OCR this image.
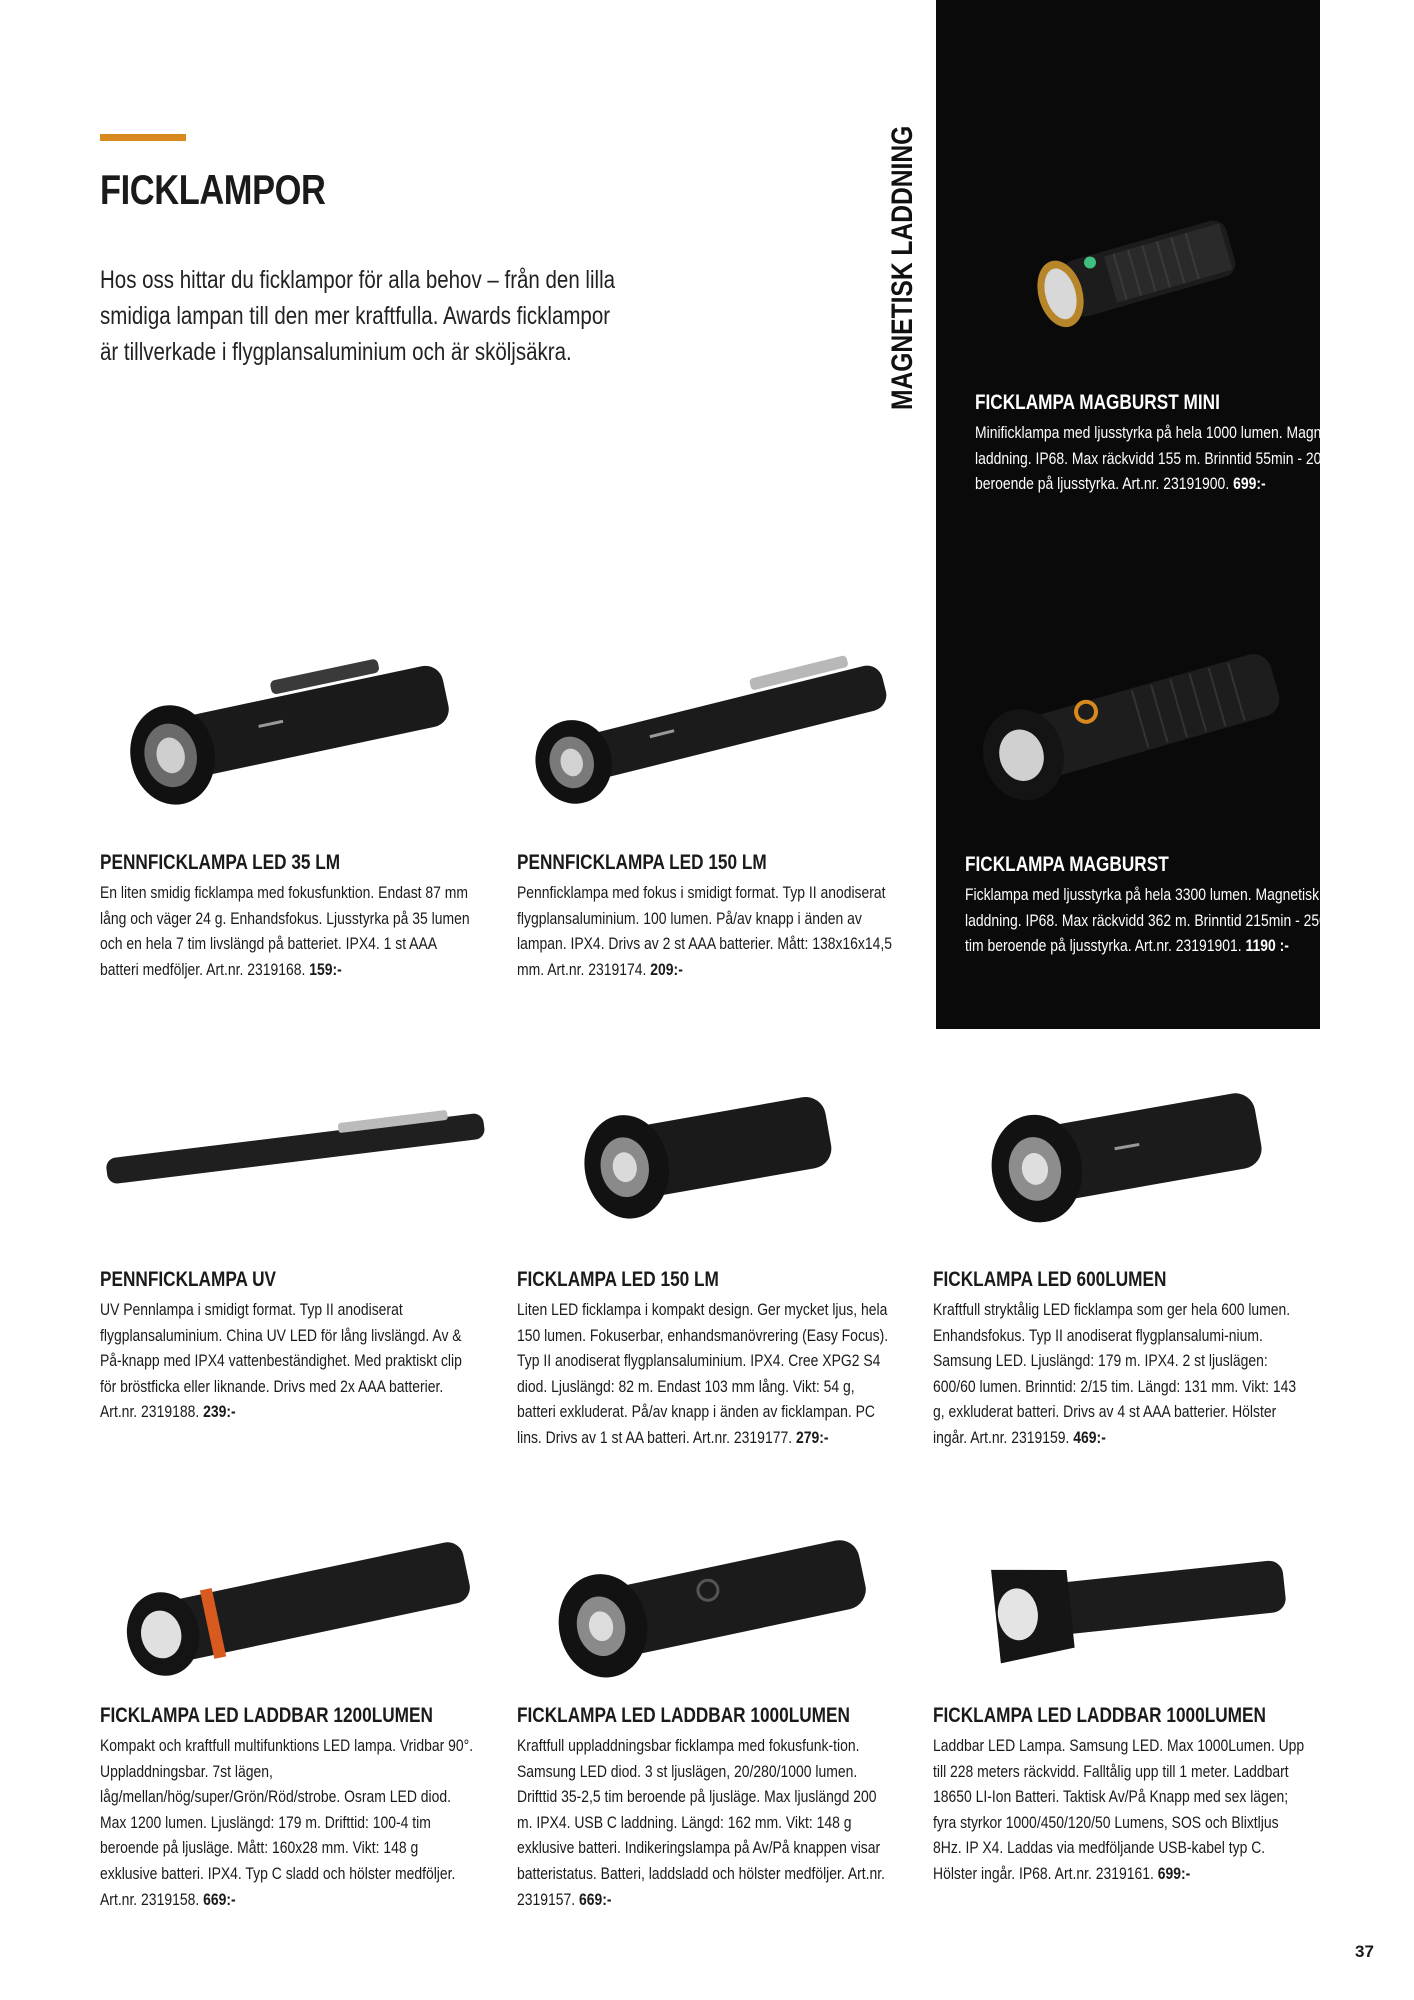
FICKLAMPOR

Hos oss hittar du ficklampor för alla behov – från den lilla smidiga lampan till den mer kraftfulla. Awards ficklampor är tillverkade i flygplansaluminium och är sköljsäkra.	MAGNETISK LADDNING	FICKLAMPA MAGBURST MINI

Minificklampa med ljusstyrka på hela 1000 lumen. Magnetisk laddning. IP68. Max räckvidd 155 m. Brinntid 55min - 200 tim beroende på ljusstyrka. Art.nr. 23191900. 699:-

PENNFICKLAMPA LED 35 LM

En liten smidig ficklampa med fokusfunktion. Endast 87 mm lång och väger 24 g. Enhandsfokus. Ljusstyrka på 35 lumen och en hela 7 tim livslängd på batteriet. IPX4. 1 st AAA batteri medföljer. Art.nr. 2319168. 159:-

PENNFICKLAMPA LED 150 LM

Pennficklampa med fokus i smidigt format. Typ II anodiserat flygplansaluminium. 100 lumen. På/av knapp i änden av lampan. IPX4. Drivs av 2 st AAA batterier. Mått: 138x16x14,5 mm. Art.nr. 2319174. 209:-

FICKLAMPA MAGBURST

Ficklampa med ljusstyrka på hela 3300 lumen. Magnetisk laddning. IP68. Max räckvidd 362 m. Brinntid 215min - 250 tim beroende på ljusstyrka. Art.nr. 23191901. 1190 :-

PENNFICKLAMPA UV

UV Pennlampa i smidigt format. Typ II anodiserat flygplansaluminium. China UV LED för lång livslängd. Av & På-knapp med IPX4 vattenbeständighet. Med praktiskt clip för bröstficka eller liknande. Drivs med 2x AAA batterier. Art.nr. 2319188. 239:-

FICKLAMPA LED 150 LM

Liten LED ficklampa i kompakt design. Ger mycket ljus, hela 150 lumen. Fokuserbar, enhandsmanövrering (Easy Focus). Typ II anodiserat flygplansaluminium. IPX4. Cree XPG2 S4 diod. Ljuslängd: 82 m. Endast 103 mm lång. Vikt: 54 g, batteri exkluderat. På/av knapp i änden av ficklampan. PC lins. Drivs av 1 st AA batteri. Art.nr. 2319177. 279:-

FICKLAMPA LED 600LUMEN

Kraftfull stryktålig LED ficklampa som ger hela 600 lumen. Enhandsfokus. Typ II anodiserat flygplansalumi-nium. Samsung LED. Ljuslängd: 179 m. IPX4. 2 st ljuslägen: 600/60 lumen. Brinntid: 2/15 tim. Längd: 131 mm. Vikt: 143 g, exkluderat batteri. Drivs av 4 st AAA batterier. Hölster ingår. Art.nr. 2319159. 469:-

FICKLAMPA LED LADDBAR 1200LUMEN

Kompakt och kraftfull multifunktions LED lampa. Vridbar 90°. Uppladdningsbar. 7st lägen, låg/mellan/hög/super/Grön/Röd/strobe. Osram LED diod. Max 1200 lumen. Ljuslängd: 179 m. Drifttid: 100-4 tim beroende på ljusläge. Mått: 160x28 mm. Vikt: 148 g exklusive batteri. IPX4. Typ C sladd och hölster medföljer. Art.nr. 2319158. 669:-

FICKLAMPA LED LADDBAR 1000LUMEN

Kraftfull uppladdningsbar ficklampa med fokusfunk-tion. Samsung LED diod. 3 st ljuslägen, 20/280/1000 lumen. Drifttid 35-2,5 tim beroende på ljusläge. Max ljuslängd 200 m. IPX4. USB C laddning. Längd: 162 mm. Vikt: 148 g exklusive batteri. Indikeringslampa på Av/På knappen visar batteristatus. Batteri, laddsladd och hölster medföljer. Art.nr. 2319157. 669:-

FICKLAMPA LED LADDBAR 1000LUMEN

Laddbar LED Lampa. Samsung LED. Max 1000Lumen. Upp till 228 meters räckvidd. Falltålig upp till 1 meter. Laddbart 18650 LI-Ion Batteri. Taktisk Av/På Knapp med sex lägen; fyra styrkor 1000/450/120/50 Lumens, SOS och Blixtljus 8Hz. IP X4. Laddas via medföljande USB-kabel typ C. Hölster ingår. IP68. Art.nr. 2319161. 699:-

37
